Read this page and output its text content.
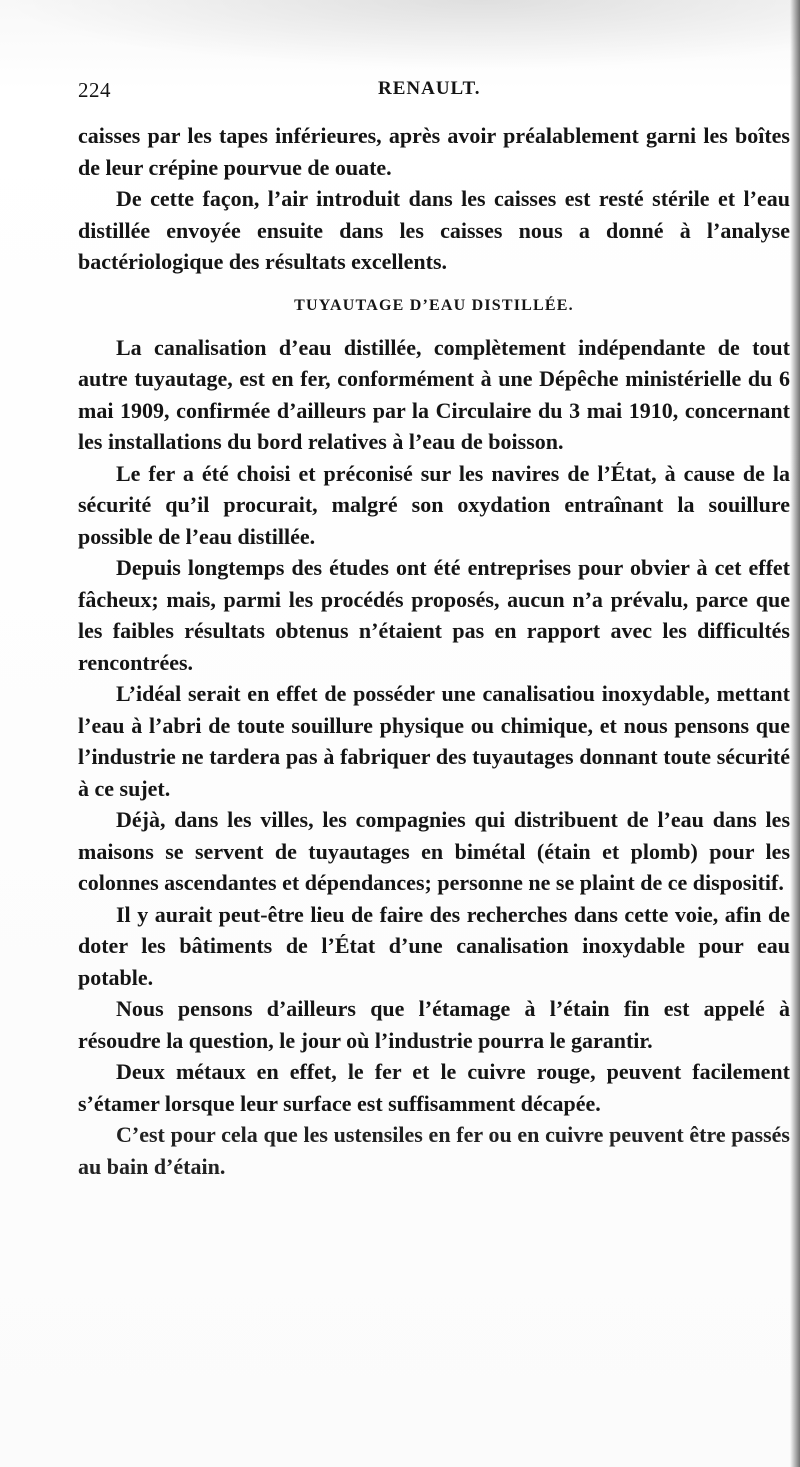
224	RENAULT.

caisses par les tapes inférieures, après avoir préalablement garni les boîtes de leur crépine pourvue de ouate.

De cette façon, l’air introduit dans les caisses est resté stérile et l’eau distillée envoyée ensuite dans les caisses nous a donné à l’analyse bactériologique des résultats excellents.

TUYAUTAGE D’EAU DISTILLÉE.

La canalisation d’eau distillée, complètement indépendante de tout autre tuyautage, est en fer, conformément à une Dépêche ministérielle du 6 mai 1909, confirmée d’ailleurs par la Circulaire du 3 mai 1910, concernant les installations du bord relatives à l’eau de boisson.

Le fer a été choisi et préconisé sur les navires de l’État, à cause de la sécurité qu’il procurait, malgré son oxydation entraînant la souillure possible de l’eau distillée.

Depuis longtemps des études ont été entreprises pour obvier à cet effet fâcheux; mais, parmi les procédés proposés, aucun n’a prévalu, parce que les faibles résultats obtenus n’étaient pas en rapport avec les difficultés rencontrées.

L’idéal serait en effet de posséder une canalisatiou inoxydable, mettant l’eau à l’abri de toute souillure physique ou chimique, et nous pensons que l’industrie ne tardera pas à fabriquer des tuyautages donnant toute sécurité à ce sujet.

Déjà, dans les villes, les compagnies qui distribuent de l’eau dans les maisons se servent de tuyautages en bimétal (étain et plomb) pour les colonnes ascendantes et dépendances; personne ne se plaint de ce dispositif.

Il y aurait peut-être lieu de faire des recherches dans cette voie, afin de doter les bâtiments de l’État d’une canalisation inoxydable pour eau potable.

Nous pensons d’ailleurs que l’étamage à l’étain fin est appelé à résoudre la question, le jour où l’industrie pourra le garantir.

Deux métaux en effet, le fer et le cuivre rouge, peuvent facilement s’étamer lorsque leur surface est suffisamment décapée.

C’est pour cela que les ustensiles en fer ou en cuivre peuvent être passés au bain d’étain.
